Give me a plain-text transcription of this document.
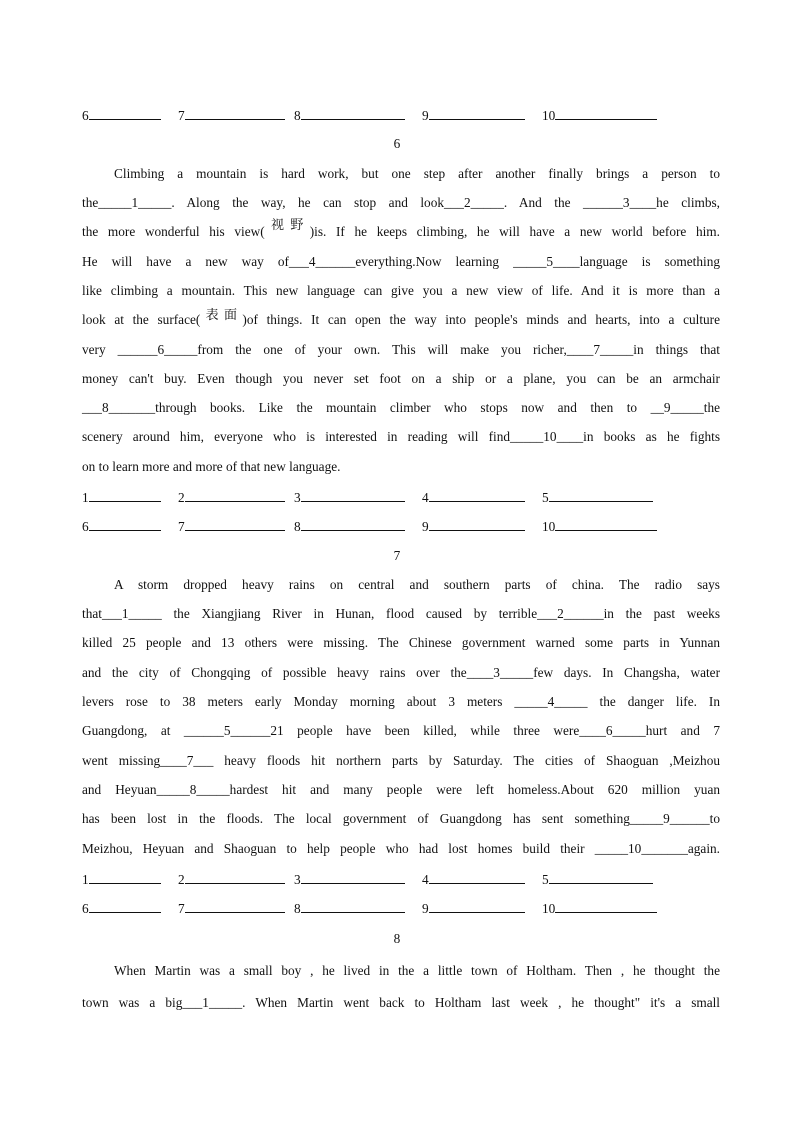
6	7	8	9	10
6
Climbing a mountain is hard work, but one step after another finally brings a person to
the_____1_____. Along the way, he can stop and look___2_____. And the ______3____he climbs,
the more wonderful his view(视野)is. If he keeps climbing, he will have a new world before him.
He will have a new way of___4______everything.Now learning _____5____language is something
like climbing a mountain. This new language can give you a new view of life. And it is more than a
look at the surface(表面)of things. It can open the way into people's minds and hearts, into a culture
very ______6_____from the one of your own. This will make you richer,____7_____in things that
money can't buy. Even though you never set foot on a ship or a plane, you can be an armchair
___8_______through books. Like the mountain climber who stops now and then to __9_____the
scenery around him, everyone who is interested in reading will find_____10____in books as he fights
on to learn more and more of that new language.
1	2	3	4	5
6	7	8	9	10
7
A storm dropped heavy rains on central and southern parts of china. The radio says
that___1_____ the Xiangjiang River in Hunan, flood caused by terrible___2______in the past weeks
killed 25 people and 13 others were missing. The Chinese government warned some parts in Yunnan
and the city of Chongqing of possible heavy rains over the____3_____few days. In Changsha, water
levers rose to 38 meters early Monday morning about 3 meters _____4_____ the danger life. In
Guangdong, at ______5______21 people have been killed, while three were____6_____hurt and 7
went missing____7___ heavy floods hit northern parts by Saturday. The cities of Shaoguan ,Meizhou
and Heyuan_____8_____hardest hit and many people were left homeless.About 620 million yuan
has been lost in the floods. The local government of Guangdong has sent something_____9______to
Meizhou, Heyuan and Shaoguan to help people who had lost homes build their _____10_______again.
1	2	3	4	5
6	7	8	9	10
8
When Martin was a small boy , he lived in the a little town of Holtham. Then , he thought the
town was a big___1_____. When Martin went back to Holtham last week , he thought" it's a small
